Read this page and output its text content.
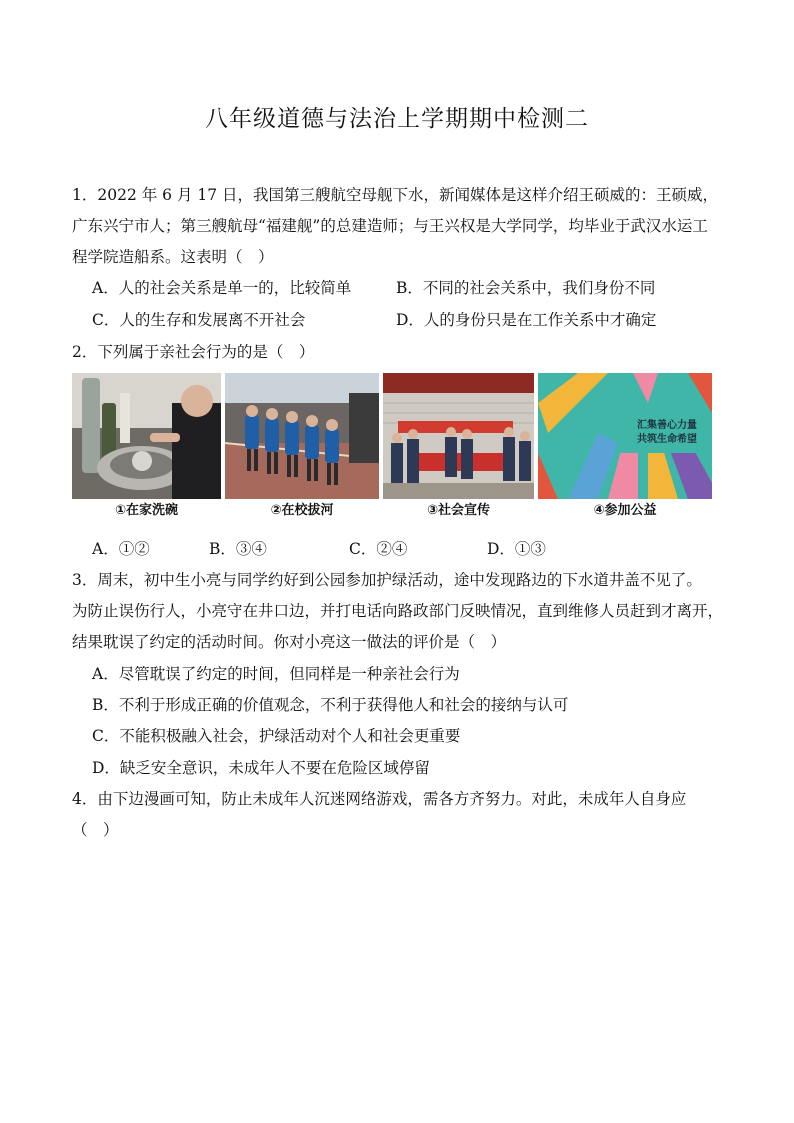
八年级道德与法治上学期期中检测二
1．2022 年 6 月 17 日，我国第三艘航空母舰下水，新闻媒体是这样介绍王硕威的：王硕威，
广东兴宁市人；第三艘航母“福建舰”的总建造师；与王兴权是大学同学，均毕业于武汉水运工
程学院造船系。这表明（　）
A．人的社会关系是单一的，比较简单	B．不同的社会关系中，我们身份不同
C．人的生存和发展离不开社会	D．人的身份只是在工作关系中才确定
2．下列属于亲社会行为的是（　）
汇集善心力量
共筑生命希望
①在家洗碗	②在校拔河	③社会宣传	④参加公益
A．①②	B．③④	C．②④	D．①③
3．周末，初中生小亮与同学约好到公园参加护绿活动，途中发现路边的下水道井盖不见了。
为防止误伤行人，小亮守在井口边，并打电话向路政部门反映情况，直到维修人员赶到才离开，
结果耽误了约定的活动时间。你对小亮这一做法的评价是（　）
A．尽管耽误了约定的时间，但同样是一种亲社会行为
B．不利于形成正确的价值观念，不利于获得他人和社会的接纳与认可
C．不能积极融入社会，护绿活动对个人和社会更重要
D．缺乏安全意识，未成年人不要在危险区域停留
4．由下边漫画可知，防止未成年人沉迷网络游戏，需各方齐努力。对此，未成年人自身应
（　）
